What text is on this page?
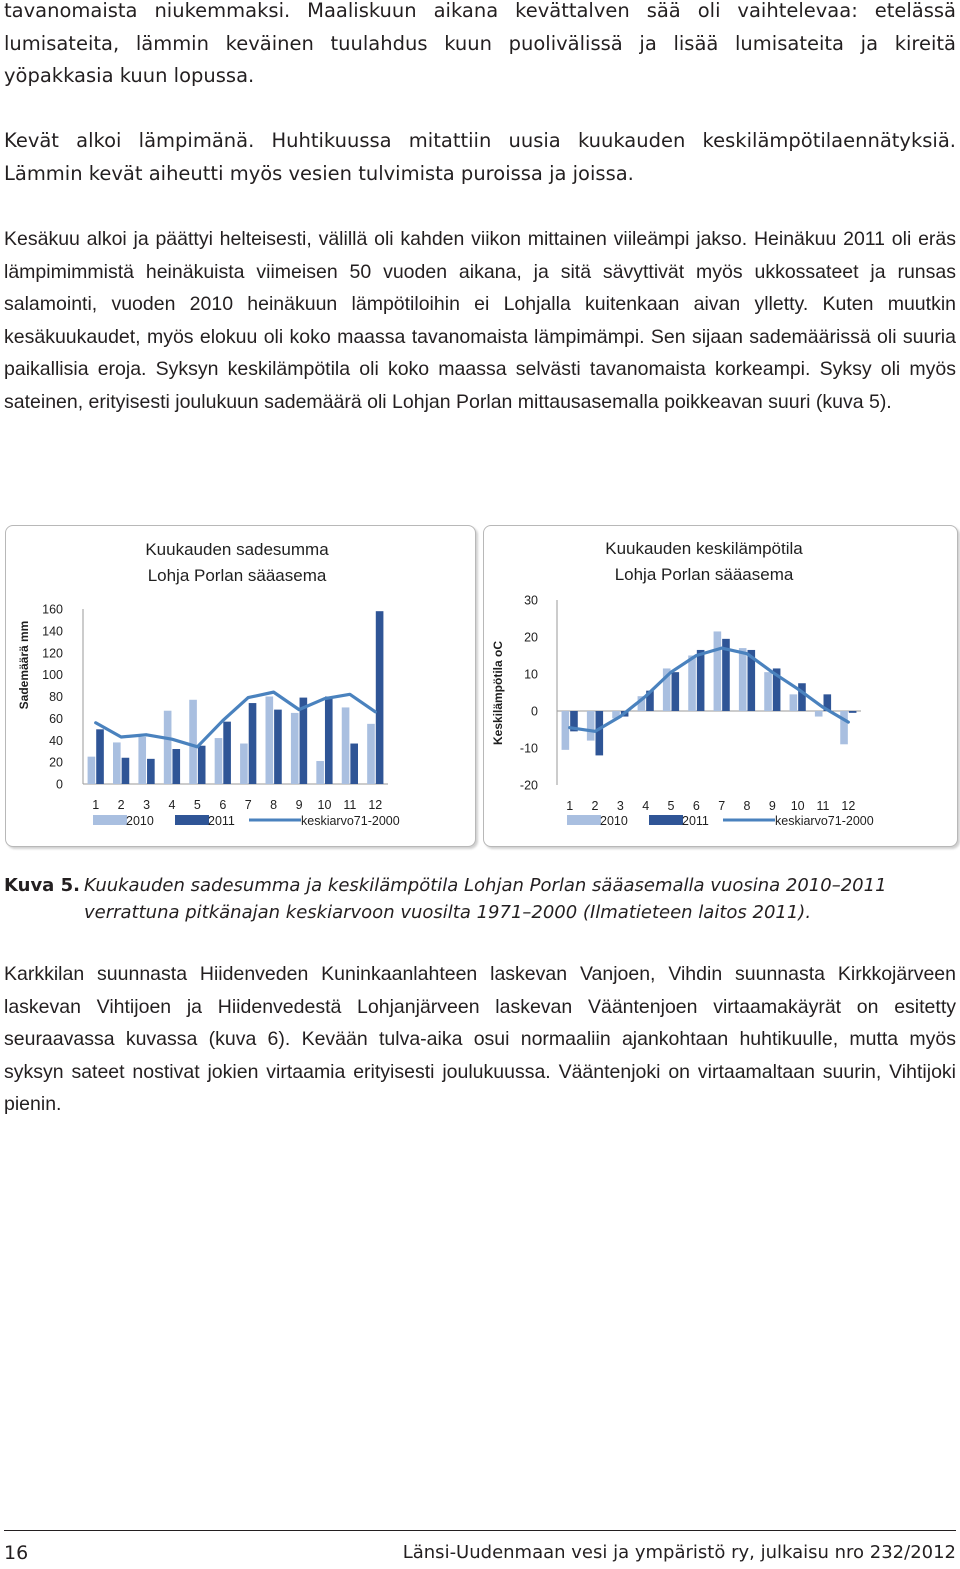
tavanomaista niukemmaksi. Maaliskuun aikana kevättalven sää oli vaihtelevaa: etelässä lumisateita, lämmin keväinen tuulahdus kuun puolivälissä ja lisää lumisateita ja kireitä yöpakkasia kuun lopussa.

Kevät alkoi lämpimänä. Huhtikuussa mitattiin uusia kuukauden keskilämpötilaennätyksiä. Lämmin kevät aiheutti myös vesien tulvimista puroissa ja joissa.

Kesäkuu alkoi ja päättyi helteisesti, välillä oli kahden viikon mittainen viileämpi jakso. Heinäkuu 2011 oli eräs lämpimimmistä heinäkuista viimeisen 50 vuoden aikana, ja sitä sävyttivät myös ukkossateet ja runsas salamointi, vuoden 2010 heinäkuun lämpötiloihin ei Lohjalla kuitenkaan aivan ylletty. Kuten muutkin kesäkuukaudet, myös elokuu oli koko maassa tavanomaista lämpimämpi. Sen sijaan sademäärissä oli suuria paikallisia eroja. Syksyn keskilämpötila oli koko maassa selvästi tavanomaista korkeampi. Syksy oli myös sateinen, erityisesti joulukuun sademäärä oli Lohjan Porlan mittausasemalla poikkeavan suuri (kuva 5).

Kuukauden sadesumma
Lohja Porlan sääasema
Sademäärä mm
0
20
40
60
80
100
120
140
160
1 2 3 4 5 6 7 8 9 10 11 12
2010	2011	keskiarvo71-2000
Kuukauden keskilämpötila
Lohja Porlan sääasema
Keskilämpötila oC
-20
-10
0
10
20
30
1 2 3 4 5 6 7 8 9 10 11 12
2010	2011	keskiarvo71-2000
Kuva 5. Kuukauden sadesumma ja keskilämpötila Lohjan Porlan sääasemalla vuosina 2010–2011 verrattuna pitkänajan keskiarvoon vuosilta 1971–2000 (Ilmatieteen laitos 2011).

Karkkilan suunnasta Hiidenveden Kuninkaanlahteen laskevan Vanjoen, Vihdin suunnasta Kirkkojärveen laskevan Vihtijoen ja Hiidenvedestä Lohjanjärveen laskevan Vääntenjoen virtaamakäyrät on esitetty seuraavassa kuvassa (kuva 6). Kevään tulva-aika osui normaaliin ajankohtaan huhtikuulle, mutta myös syksyn sateet nostivat jokien virtaamia erityisesti joulukuussa. Vääntenjoki on virtaamaltaan suurin, Vihtijoki pienin.

16	Länsi-Uudenmaan vesi ja ympäristö ry, julkaisu nro 232/2012
